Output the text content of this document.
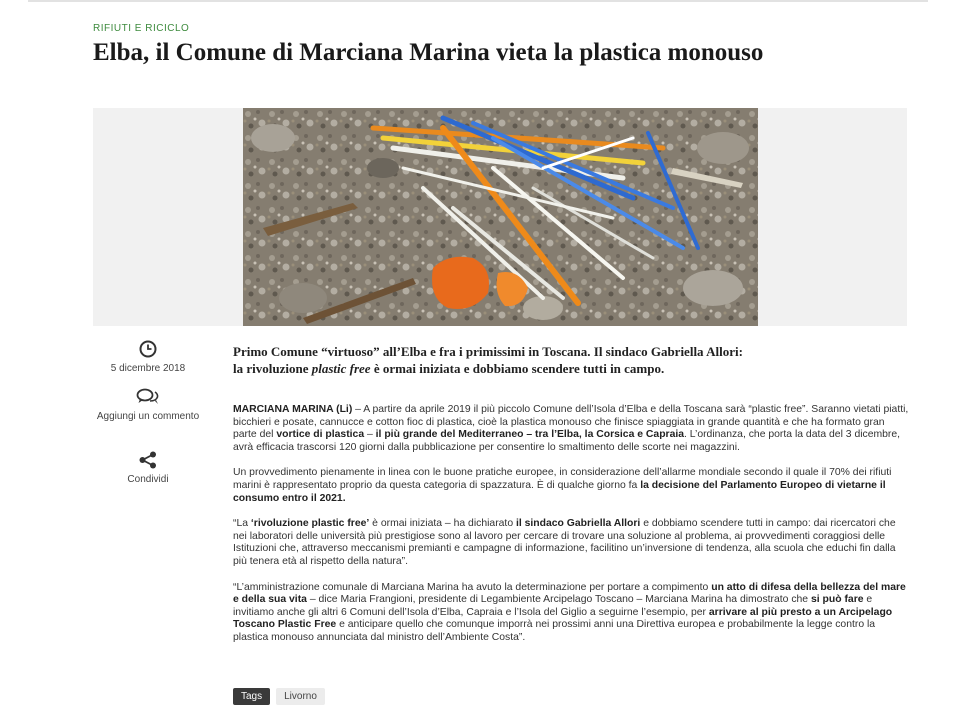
RIFIUTI E RICICLO
Elba, il Comune di Marciana Marina vieta la plastica monouso
5 dicembre 2018
Aggiungi un commento
Condividi
Primo Comune “virtuoso” all’Elba e fra i primissimi in Toscana. Il sindaco Gabriella Allori:
la rivoluzione plastic free è ormai iniziata e dobbiamo scendere tutti in campo.

MARCIANA MARINA (Li) – A partire da aprile 2019 il più piccolo Comune dell’Isola d’Elba e della Toscana sarà “plastic free”. Saranno vietati piatti, bicchieri e posate, cannucce e cotton fioc di plastica, cioè la plastica monouso che finisce spiaggiata in grande quantità e che ha formato gran parte del vortice di plastica – il più grande del Mediterraneo – tra l’Elba, la Corsica e Capraia. L’ordinanza, che porta la data del 3 dicembre, avrà efficacia trascorsi 120 giorni dalla pubblicazione per consentire lo smaltimento delle scorte nei magazzini.

Un provvedimento pienamente in linea con le buone pratiche europee, in considerazione dell’allarme mondiale secondo il quale il 70% dei rifiuti marini è rappresentato proprio da questa categoria di spazzatura. È di qualche giorno fa la decisione del Parlamento Europeo di vietarne il consumo entro il 2021.

“La ‘rivoluzione plastic free’ è ormai iniziata – ha dichiarato il sindaco Gabriella Allori e dobbiamo scendere tutti in campo: dai ricercatori che nei laboratori delle università più prestigiose sono al lavoro per cercare di trovare una soluzione al problema, ai provvedimenti coraggiosi delle Istituzioni che, attraverso meccanismi premianti e campagne di informazione, facilitino un’inversione di tendenza, alla scuola che educhi fin dalla più tenera età al rispetto della natura”.

“L’amministrazione comunale di Marciana Marina ha avuto la determinazione per portare a compimento un atto di difesa della bellezza del mare e della sua vita – dice Maria Frangioni, presidente di Legambiente Arcipelago Toscano – Marciana Marina ha dimostrato che si può fare e invitiamo anche gli altri 6 Comuni dell’Isola d’Elba, Capraia e l’Isola del Giglio a seguirne l’esempio, per arrivare al più presto a un Arcipelago Toscano Plastic Free e anticipare quello che comunque imporrà nei prossimi anni una Direttiva europea e probabilmente la legge contro la plastica monouso annunciata dal ministro dell’Ambiente Costa”.

Tags	Livorno
